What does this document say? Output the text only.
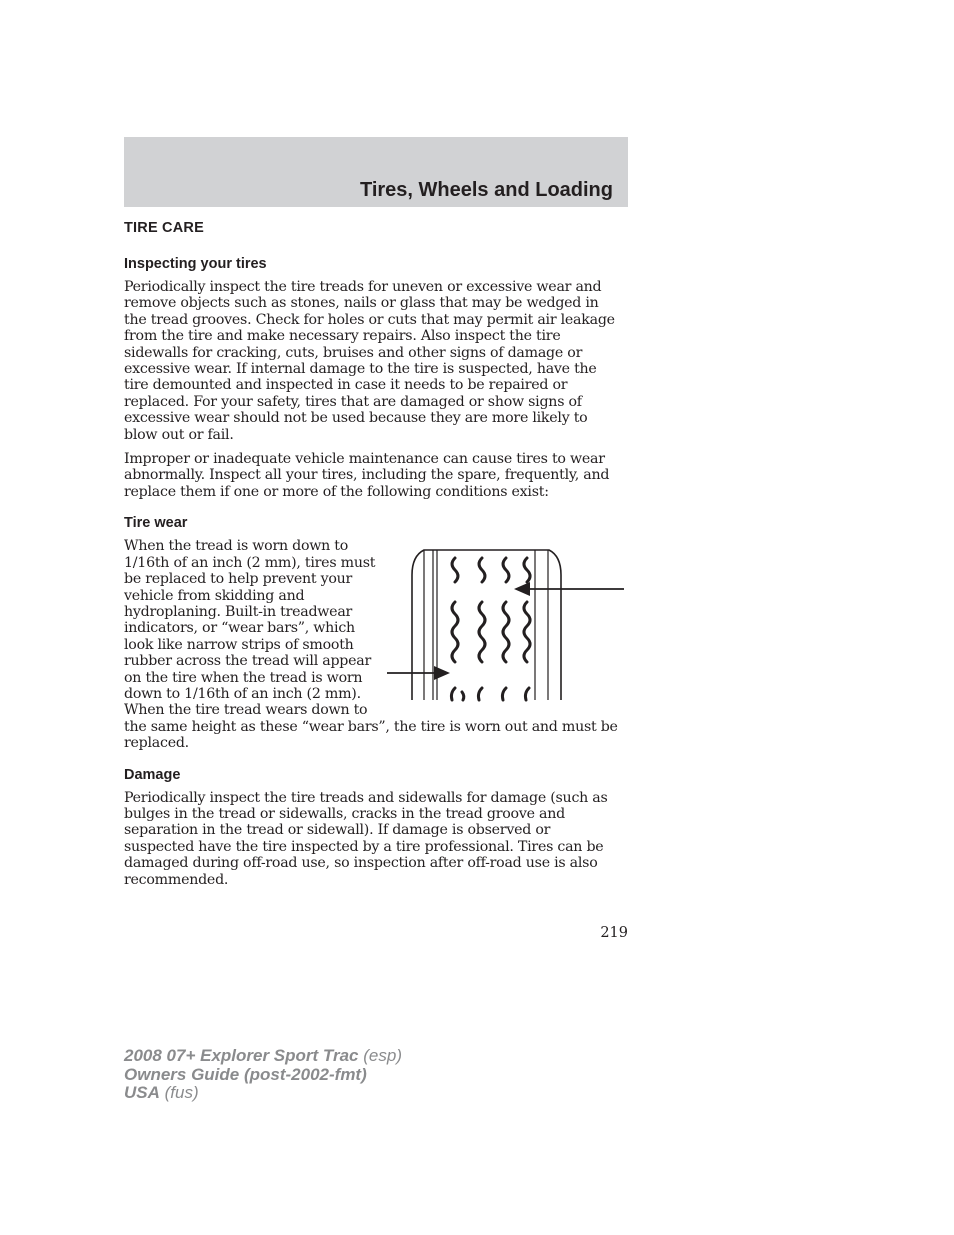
Tires, Wheels and Loading
TIRE CARE
Inspecting your tires

Periodically inspect the tire treads for uneven or excessive wear and remove objects such as stones, nails or glass that may be wedged in the tread grooves. Check for holes or cuts that may permit air leakage from the tire and make necessary repairs. Also inspect the tire sidewalls for cracking, cuts, bruises and other signs of damage or excessive wear. If internal damage to the tire is suspected, have the tire demounted and inspected in case it needs to be repaired or replaced. For your safety, tires that are damaged or show signs of excessive wear should not be used because they are more likely to blow out or fail.

Improper or inadequate vehicle maintenance can cause tires to wear abnormally. Inspect all your tires, including the spare, frequently, and replace them if one or more of the following conditions exist:

Tire wear

When the tread is worn down to 1/16th of an inch (2 mm), tires must be replaced to help prevent your vehicle from skidding and hydroplaning. Built-in treadwear indicators, or “wear bars”, which look like narrow strips of smooth rubber across the tread will appear on the tire when the tread is worn down to 1/16th of an inch (2 mm). When the tire tread wears down to the same height as these “wear bars”, the tire is worn out and must be replaced.

Damage

Periodically inspect the tire treads and sidewalls for damage (such as bulges in the tread or sidewalls, cracks in the tread groove and separation in the tread or sidewall). If damage is observed or suspected have the tire inspected by a tire professional. Tires can be damaged during off-road use, so inspection after off-road use is also recommended.

219
2008 07+ Explorer Sport Trac (esp)
Owners Guide (post-2002-fmt)
USA (fus)
